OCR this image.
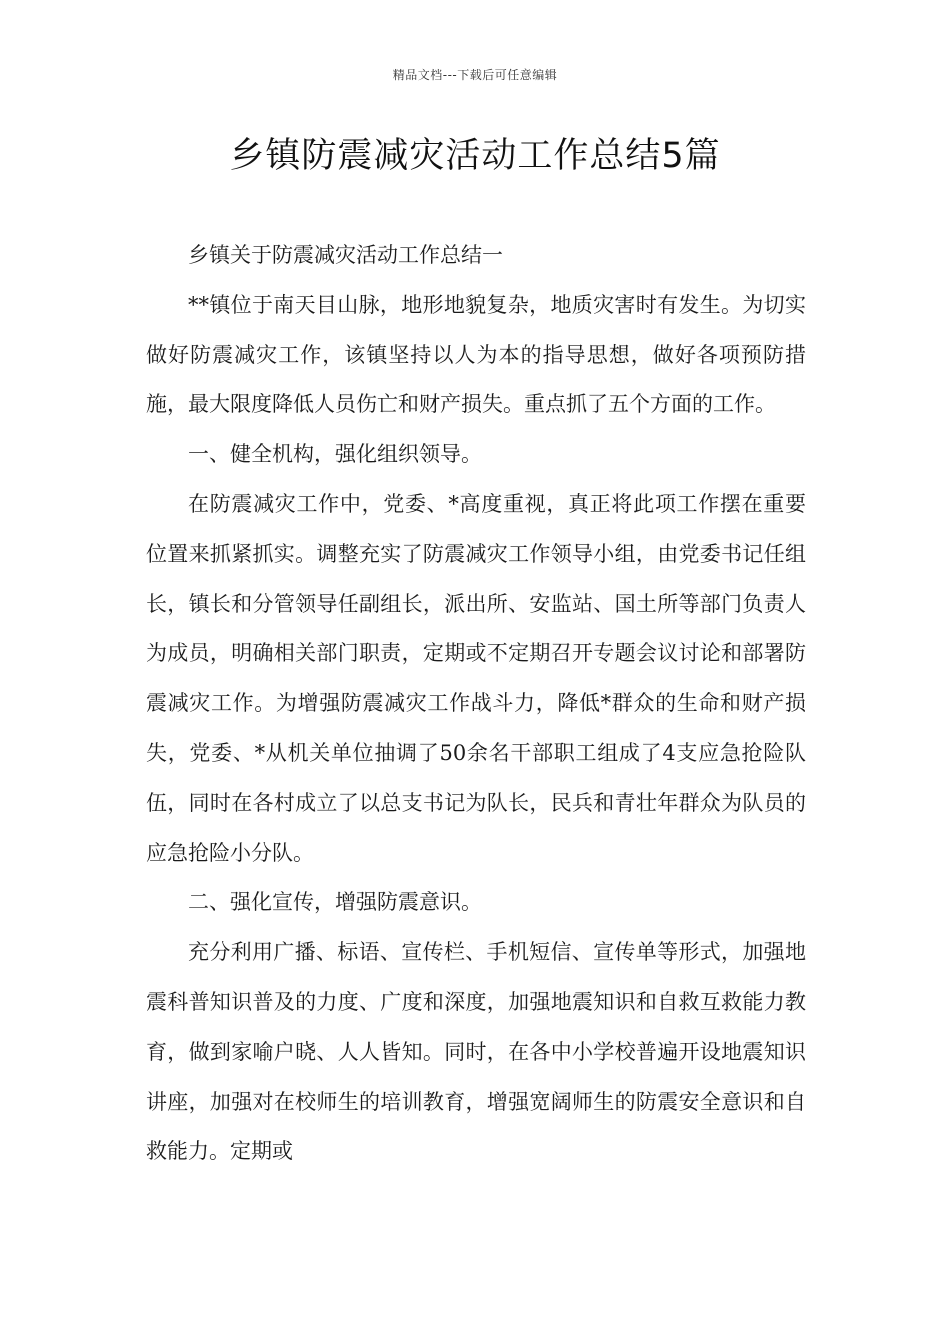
精品文档---下载后可任意编辑
乡镇防震减灾活动工作总结5篇

乡镇关于防震减灾活动工作总结一

**镇位于南天目山脉，地形地貌复杂，地质灾害时有发生。为切实做好防震减灾工作，该镇坚持以人为本的指导思想，做好各项预防措施，最大限度降低人员伤亡和财产损失。重点抓了五个方面的工作。

一、健全机构，强化组织领导。

在防震减灾工作中，党委、*高度重视，真正将此项工作摆在重要位置来抓紧抓实。调整充实了防震减灾工作领导小组，由党委书记任组长，镇长和分管领导任副组长，派出所、安监站、国土所等部门负责人为成员，明确相关部门职责，定期或不定期召开专题会议讨论和部署防震减灾工作。为增强防震减灾工作战斗力，降低*群众的生命和财产损失，党委、*从机关单位抽调了50余名干部职工组成了4支应急抢险队伍，同时在各村成立了以总支书记为队长，民兵和青壮年群众为队员的应急抢险小分队。

二、强化宣传，增强防震意识。

充分利用广播、标语、宣传栏、手机短信、宣传单等形式，加强地震科普知识普及的力度、广度和深度，加强地震知识和自救互救能力教育，做到家喻户晓、人人皆知。同时，在各中小学校普遍开设地震知识讲座，加强对在校师生的培训教育，增强宽阔师生的防震安全意识和自救能力。定期或
